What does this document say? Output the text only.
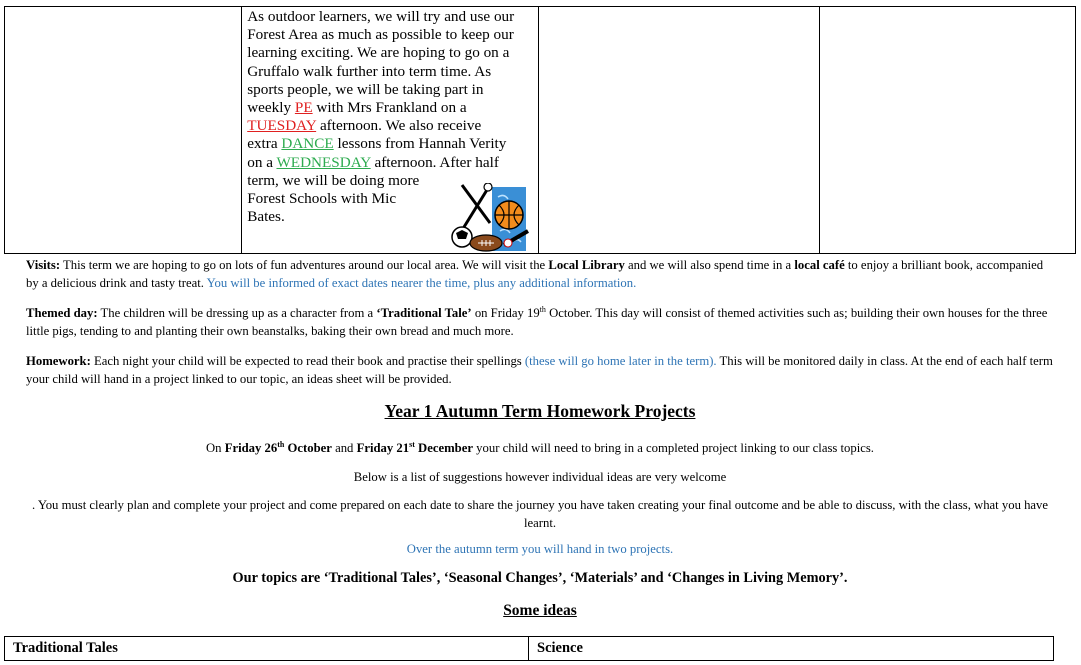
As outdoor learners, we will try and use our
Forest Area as much as possible to keep our
learning exciting. We are hoping to go on a
Gruffalo walk further into term time. As
sports people, we will be taking part in
weekly PE with Mrs Frankland on a
TUESDAY afternoon. We also receive
extra DANCE lessons from Hannah Verity
on a WEDNESDAY afternoon. After half
term, we will be doing more
Forest Schools with Mic
Bates.

Visits: This term we are hoping to go on lots of fun adventures around our local area. We will visit the Local Library and we will also spend time in a local café to enjoy a brilliant book, accompanied by a delicious drink and tasty treat. You will be informed of exact dates nearer the time, plus any additional information.
Themed day: The children will be dressing up as a character from a ‘Traditional Tale’ on Friday 19th October. This day will consist of themed activities such as; building their own houses for the three little pigs, tending to and planting their own beanstalks, baking their own bread and much more.
Homework: Each night your child will be expected to read their book and practise their spellings (these will go home later in the term). This will be monitored daily in class. At the end of each half term your child will hand in a project linked to our topic, an ideas sheet will be provided.
Year 1 Autumn Term Homework Projects
On Friday 26th October and Friday 21st December your child will need to bring in a completed project linking to our class topics.
Below is a list of suggestions however individual ideas are very welcome
. You must clearly plan and complete your project and come prepared on each date to share the journey you have taken creating your final outcome and be able to discuss, with the class, what you have learnt.
Over the autumn term you will hand in two projects.
Our topics are ‘Traditional Tales’, ‘Seasonal Changes’, ‘Materials’ and ‘Changes in Living Memory’.
Some ideas
Traditional Tales	Science
